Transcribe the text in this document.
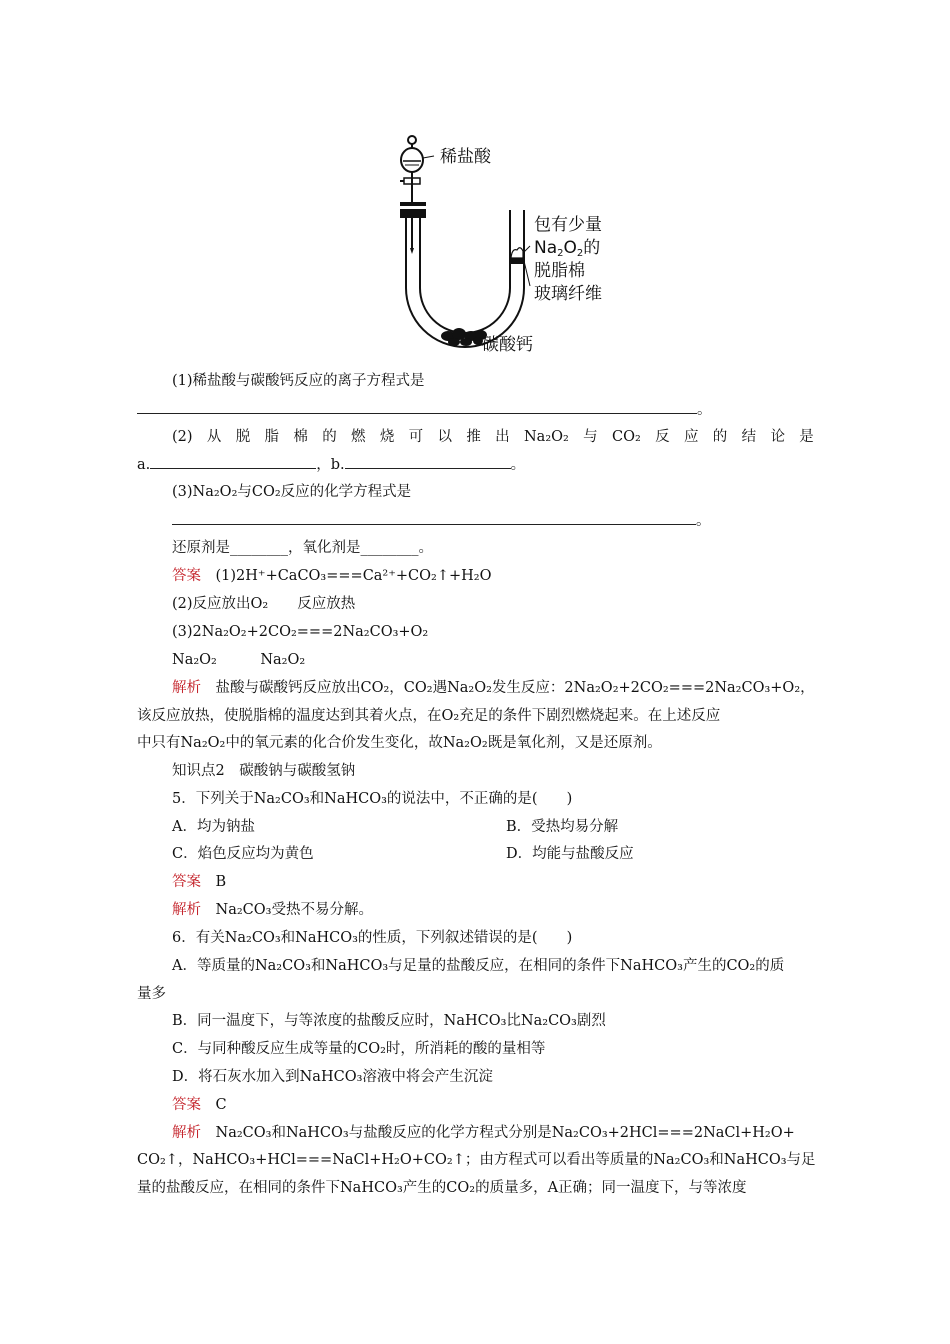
稀盐酸
包有少量
$Na_2O_2$的
脱脂棉
玻璃纤维
碳酸钙
(1)稀盐酸与碳酸钙反应的离子方程式是
。
(2) 从 脱 脂 棉 的 燃 烧 可 以 推 出 Na₂O₂ 与 CO₂ 反 应 的 结 论 是
a.	，b.	。
(3)Na₂O₂与CO₂反应的化学方程式是
。
还原剂是________，氧化剂是________。
答案　 (1)2H⁺+CaCO₃===Ca²⁺+CO₂↑+H₂O
(2)反应放出O₂　　反应放热
(3)2Na₂O₂+2CO₂===2Na₂CO₃+O₂
Na₂O₂　　　Na₂O₂
解析　 盐酸与碳酸钙反应放出CO₂，CO₂遇Na₂O₂发生反应：2Na₂O₂+2CO₂===2Na₂CO₃+O₂，
该反应放热，使脱脂棉的温度达到其着火点，在O₂充足的条件下剧烈燃烧起来。在上述反应
中只有Na₂O₂中的氧元素的化合价发生变化，故Na₂O₂既是氧化剂，又是还原剂。
知识点2　碳酸钠与碳酸氢钠
5．下列关于Na₂CO₃和NaHCO₃的说法中，不正确的是(　　)
A．均为钠盐	B．受热均易分解
C．焰色反应均为黄色	D．均能与盐酸反应
答案　 B
解析　 Na₂CO₃受热不易分解。
6．有关Na₂CO₃和NaHCO₃的性质，下列叙述错误的是(　　)
A．等质量的Na₂CO₃和NaHCO₃与足量的盐酸反应，在相同的条件下NaHCO₃产生的CO₂的质
量多
B．同一温度下，与等浓度的盐酸反应时，NaHCO₃比Na₂CO₃剧烈
C．与同种酸反应生成等量的CO₂时，所消耗的酸的量相等
D．将石灰水加入到NaHCO₃溶液中将会产生沉淀
答案　 C
解析　 Na₂CO₃和NaHCO₃与盐酸反应的化学方程式分别是Na₂CO₃+2HCl===2NaCl+H₂O+
CO₂↑，NaHCO₃+HCl===NaCl+H₂O+CO₂↑；由方程式可以看出等质量的Na₂CO₃和NaHCO₃与足
量的盐酸反应，在相同的条件下NaHCO₃产生的CO₂的质量多，A正确；同一温度下，与等浓度
